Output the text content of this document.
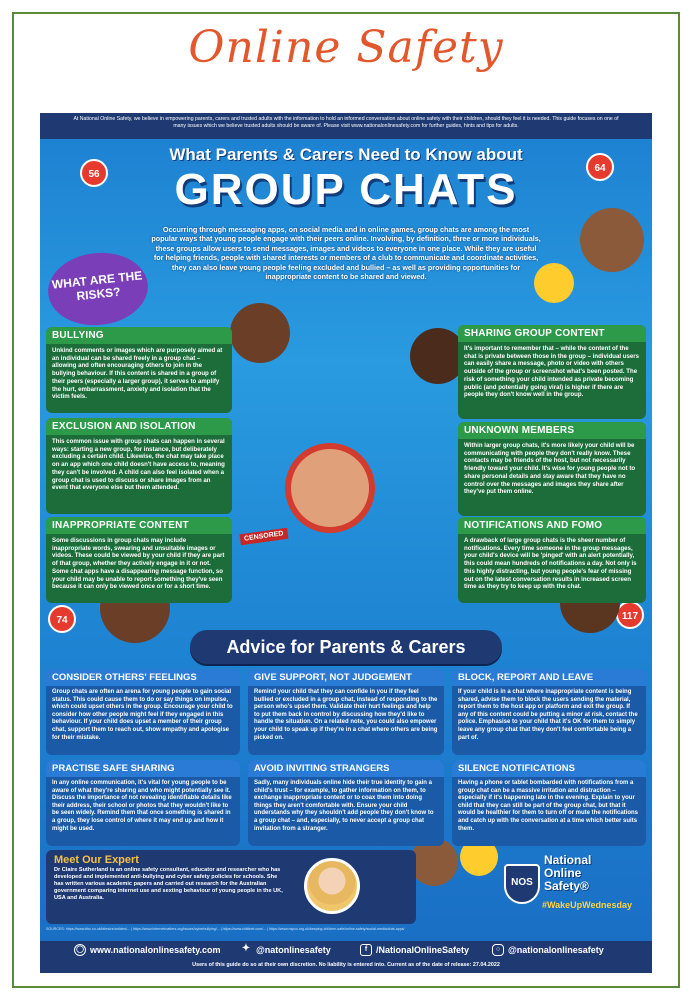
Online Safety
At National Online Safety, we believe in empowering parents, carers and trusted adults with the information to hold an informed conversation about online safety with their children, should they feel it is needed. This guide focuses on one of many issues which we believe trusted adults should be aware of. Please visit www.nationalonlinesafety.com for further guides, hints and tips for adults.
56
64
74	117
What Parents & Carers Need to Know about
GROUP CHATS
Occurring through messaging apps, on social media and in online games, group chats are among the most popular ways that young people engage with their peers online. Involving, by definition, three or more individuals, these groups allow users to send messages, images and videos to everyone in one place. While they are useful for helping friends, people with shared interests or members of a club to communicate and coordinate activities, they can also leave young people feeling excluded and bullied – as well as providing opportunities for inappropriate content to be shared and viewed.
WHAT ARE THE RISKS?
BULLYING
Unkind comments or images which are purposely aimed at an individual can be shared freely in a group chat – allowing and often encouraging others to join in the bullying behaviour. If this content is shared in a group of their peers (especially a larger group), it serves to amplify the hurt, embarrassment, anxiety and isolation that the victim feels.
SHARING GROUP CONTENT
It's important to remember that – while the content of the chat is private between those in the group – individual users can easily share a message, photo or video with others outside of the group or screenshot what's been posted. The risk of something your child intended as private becoming public (and potentially going viral) is higher if there are people they don't know well in the group.
EXCLUSION AND ISOLATION
This common issue with group chats can happen in several ways: starting a new group, for instance, but deliberately excluding a certain child. Likewise, the chat may take place on an app which one child doesn't have access to, meaning they can't be involved. A child can also feel isolated when a group chat is used to discuss or share images from an event that everyone else but them attended.
UNKNOWN MEMBERS
Within larger group chats, it's more likely your child will be communicating with people they don't really know. These contacts may be friends of the host, but not necessarily friendly toward your child. It's wise for young people not to share personal details and stay aware that they have no control over the messages and images they share after they've put them online.
INAPPROPRIATE CONTENT
Some discussions in group chats may include inappropriate words, swearing and unsuitable images or videos. These could be viewed by your child if they are part of that group, whether they actively engage in it or not. Some chat apps have a disappearing message function, so your child may be unable to report something they've seen because it can only be viewed once or for a short time.
NOTIFICATIONS AND FOMO
A drawback of large group chats is the sheer number of notifications. Every time someone in the group messages, your child's device will be 'pinged' with an alert potentially, this could mean hundreds of notifications a day. Not only is this highly distracting, but young people's fear of missing out on the latest conversation results in increased screen time as they try to keep up with the chat.
CENSORED
Advice for Parents & Carers
CONSIDER OTHERS' FEELINGS
Group chats are often an arena for young people to gain social status. This could cause them to do or say things on impulse, which could upset others in the group. Encourage your child to consider how other people might feel if they engaged in this behaviour. If your child does upset a member of their group chat, support them to reach out, show empathy and apologise for their mistake.
GIVE SUPPORT, NOT JUDGEMENT
Remind your child that they can confide in you if they feel bullied or excluded in a group chat, instead of responding to the person who's upset them. Validate their hurt feelings and help to put them back in control by discussing how they'd like to handle the situation. On a related note, you could also empower your child to speak up if they're in a chat where others are being picked on.
BLOCK, REPORT AND LEAVE
If your child is in a chat where inappropriate content is being shared, advise them to block the users sending the material, report them to the host app or platform and exit the group. If any of this content could be putting a minor at risk, contact the police. Emphasise to your child that it's OK for them to simply leave any group chat that they don't feel comfortable being a part of.
PRACTISE SAFE SHARING
In any online communication, it's vital for young people to be aware of what they're sharing and who might potentially see it. Discuss the importance of not revealing identifiable details like their address, their school or photos that they wouldn't like to be seen widely. Remind them that once something is shared in a group, they lose control of where it may end up and how it might be used.
AVOID INVITING STRANGERS
Sadly, many individuals online hide their true identity to gain a child's trust – for example, to gather information on them, to exchange inappropriate content or to coax them into doing things they aren't comfortable with. Ensure your child understands why they shouldn't add people they don't know to a group chat – and, especially, to never accept a group chat invitation from a stranger.
SILENCE NOTIFICATIONS
Having a phone or tablet bombarded with notifications from a group chat can be a massive irritation and distraction – especially if it's happening late in the evening. Explain to your child that they can still be part of the group chat, but that it would be healthier for them to turn off or mute the notifications and catch up with the conversation at a time which better suits them.
Meet Our Expert
Dr Claire Sutherland is an online safety consultant, educator and researcher who has developed and implemented anti-bullying and cyber safety policies for schools. She has written various academic papers and carried out research for the Australian government comparing internet use and sexting behaviour of young people in the UK, USA and Australia.
NOS
National
Online
Safety®
#WakeUpWednesday
SOURCES: https://www.bbc.co.uk/bitesize/articles/... | https://www.internetmatters.org/issues/cyberbullying/... | https://www.childnet.com/... | https://www.nspcc.org.uk/keeping-children-safe/online-safety/social-media/chat-apps/
◯ www.nationalonlinesafety.com ✦ @natonlinesafety	f /NationalOnlineSafety	○ @nationalonlinesafety
Users of this guide do so at their own discretion. No liability is entered into. Current as of the date of release: 27.04.2022
